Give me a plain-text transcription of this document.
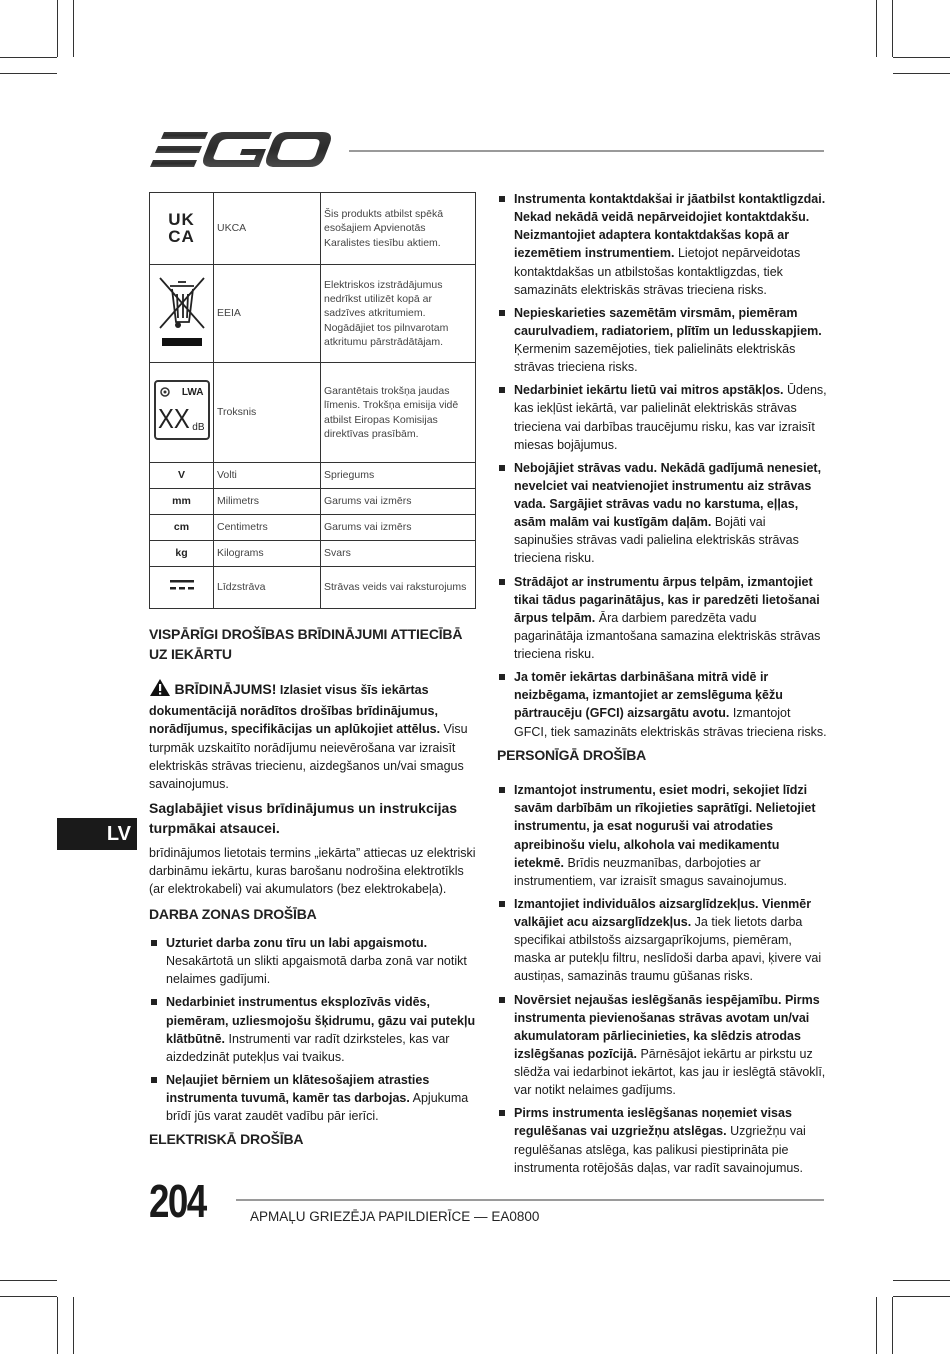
UK
CA	UKCA	Šis produkts atbilst spēkā esošajiem Apvienotās Karalistes tiesību aktiem.
	EEIA	Elektriskos izstrādājumus nedrīkst utilizēt kopā ar sadzīves atkritumiem. Nogādājiet tos pilnvarotam atkritumu pārstrādātājam.

LWA
XX dB	Troksnis	Garantētais trokšņa jaudas līmenis. Trokšņa emisija vidē atbilst Eiropas Komisijas direktīvas prasībām.
V	Volti	Spriegums
mm	Milimetrs	Garums vai izmērs
cm	Centimetrs	Garums vai izmērs
kg	Kilograms	Svars
	Līdzstrāva	Strāvas veids vai raksturojums

VISPĀRĪGI DROŠĪBAS BRĪDINĀJUMI ATTIECĪBĀ UZ IEKĀRTU

BRĪDINĀJUMS! Izlasiet visus šīs iekārtas dokumentācijā norādītos drošības brīdinājumus, norādījumus, specifikācijas un aplūkojiet attēlus. Visu turpmāk uzskaitīto norādījumu neievērošana var izraisīt elektriskās strāvas triecienu, aizdegšanos un/vai smagus savainojumus.

Saglabājiet visus brīdinājumus un instrukcijas turpmākai atsaucei.

brīdinājumos lietotais termins „iekārta” attiecas uz elektriski darbināmu iekārtu, kuras barošanu nodrošina elektrotīkls (ar elektrokabeli) vai akumulators (bez elektrokabeļa).

DARBA ZONAS DROŠĪBA

Uzturiet darba zonu tīru un labi apgaismotu. Nesakārtotā un slikti apgaismotā darba zonā var notikt nelaimes gadījumi.
Nedarbiniet instrumentus eksplozīvās vidēs, piemēram, uzliesmojošu šķidrumu, gāzu vai putekļu klātbūtnē. Instrumenti var radīt dzirksteles, kas var aizdedzināt putekļus vai tvaikus.
Neļaujiet bērniem un klātesošajiem atrasties instrumenta tuvumā, kamēr tas darbojas. Apjukuma brīdī jūs varat zaudēt vadību pār ierīci.

ELEKTRISKĀ DROŠĪBA

Instrumenta kontaktdakšai ir jāatbilst kontaktligzdai. Nekad nekādā veidā nepārveidojiet kontaktdakšu. Neizmantojiet adaptera kontaktdakšas kopā ar iezemētiem instrumentiem. Lietojot nepārveidotas kontaktdakšas un atbilstošas kontaktligzdas, tiek samazināts elektriskās strāvas trieciena risks.
Nepieskarieties sazemētām virsmām, piemēram caurulvadiem, radiatoriem, plītīm un ledusskapjiem. Ķermenim sazemējoties, tiek palielināts elektriskās strāvas trieciena risks.
Nedarbiniet iekārtu lietū vai mitros apstākļos. Ūdens, kas iekļūst iekārtā, var palielināt elektriskās strāvas trieciena vai darbības traucējumu risku, kas var izraisīt miesas bojājumus.
Nebojājiet strāvas vadu. Nekādā gadījumā nenesiet, nevelciet vai neatvienojiet instrumentu aiz strāvas vada. Sargājiet strāvas vadu no karstuma, eļļas, asām malām vai kustīgām daļām. Bojāti vai sapinušies strāvas vadi palielina elektriskās strāvas trieciena risku.
Strādājot ar instrumentu ārpus telpām, izmantojiet tikai tādus pagarinātājus, kas ir paredzēti lietošanai ārpus telpām. Āra darbiem paredzēta vadu pagarinātāja izmantošana samazina elektriskās strāvas trieciena risku.
Ja tomēr iekārtas darbināšana mitrā vidē ir neizbēgama, izmantojiet ar zemslēguma ķēžu pārtraucēju (GFCI) aizsargātu avotu. Izmantojot GFCI, tiek samazināts elektriskās strāvas trieciena risks.

PERSONĪGĀ DROŠĪBA

Izmantojot instrumentu, esiet modri, sekojiet līdzi savām darbībām un rīkojieties saprātīgi. Nelietojiet instrumentu, ja esat noguruši vai atrodaties apreibinošu vielu, alkohola vai medikamentu ietekmē. Brīdis neuzmanības, darbojoties ar instrumentiem, var izraisīt smagus savainojumus.
Izmantojiet individuālos aizsarglīdzekļus. Vienmēr valkājiet acu aizsarglīdzekļus. Ja tiek lietots darba specifikai atbilstošs aizsargaprīkojums, piemēram, maska ar putekļu filtru, neslīdoši darba apavi, ķivere vai austiņas, samazinās traumu gūšanas risks.
Novērsiet nejaušas ieslēgšanās iespējamību. Pirms instrumenta pievienošanas strāvas avotam un/vai akumulatoram pārliecinieties, ka slēdzis atrodas izslēgšanas pozīcijā. Pārnēsājot iekārtu ar pirkstu uz slēdža vai iedarbinot iekārtot, kas jau ir ieslēgtā stāvoklī, var notikt nelaimes gadījums.
Pirms instrumenta ieslēgšanas noņemiet visas regulēšanas vai uzgriežņu atslēgas. Uzgriežņu vai regulēšanas atslēga, kas palikusi piestiprināta pie instrumenta rotējošās daļas, var radīt savainojumus.
LV
204	APMAĻU GRIEZĒJA PAPILDIERĪCE — EA0800
